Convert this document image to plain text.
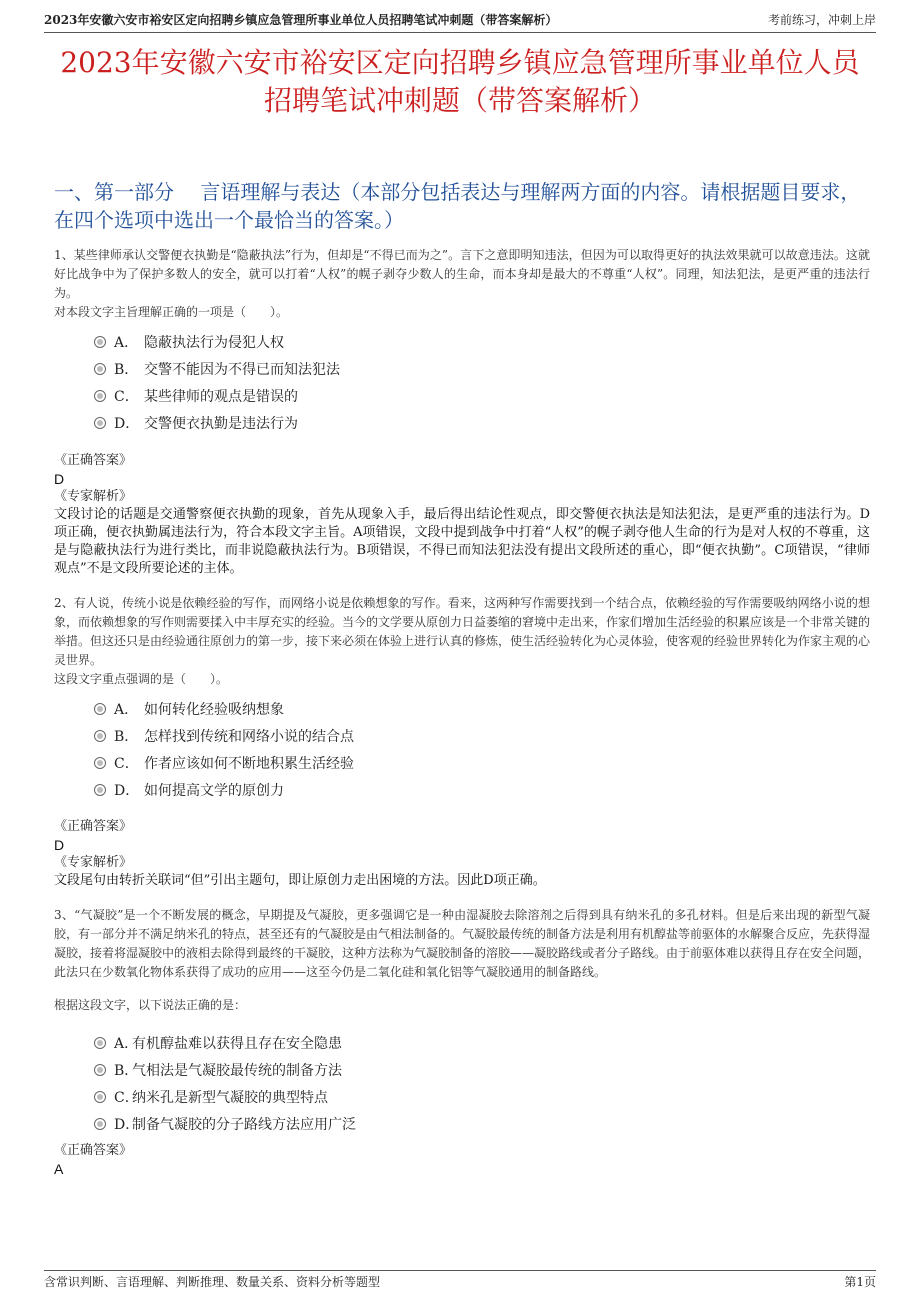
2023年安徽六安市裕安区定向招聘乡镇应急管理所事业单位人员招聘笔试冲刺题（带答案解析）	考前练习，冲刺上岸
2023年安徽六安市裕安区定向招聘乡镇应急管理所事业单位人员招聘笔试冲刺题（带答案解析）
一、第一部分　 言语理解与表达（本部分包括表达与理解两方面的内容。请根据题目要求，在四个选项中选出一个最恰当的答案。）

1、某些律师承认交警便衣执勤是“隐蔽执法”行为，但却是“不得已而为之”。言下之意即明知违法，但因为可以取得更好的执法效果就可以故意违法。这就好比战争中为了保护多数人的安全，就可以打着“人权”的幌子剥夺少数人的生命，而本身却是最大的不尊重“人权”。同理，知法犯法，是更严重的违法行为。

对本段文字主旨理解正确的一项是（　　）。

A． 隐蔽执法行为侵犯人权
B． 交警不能因为不得已而知法犯法
C． 某些律师的观点是错误的
D． 交警便衣执勤是违法行为

《正确答案》

D

《专家解析》

文段讨论的话题是交通警察便衣执勤的现象，首先从现象入手，最后得出结论性观点，即交警便衣执法是知法犯法，是更严重的违法行为。D项正确，便衣执勤属违法行为，符合本段文字主旨。A项错误，文段中提到战争中打着“人权”的幌子剥夺他人生命的行为是对人权的不尊重，这是与隐蔽执法行为进行类比，而非说隐蔽执法行为。B项错误，不得已而知法犯法没有提出文段所述的重心，即“便衣执勤”。C项错误，“律师观点”不是文段所要论述的主体。

2、有人说，传统小说是依赖经验的写作，而网络小说是依赖想象的写作。看来，这两种写作需要找到一个结合点，依赖经验的写作需要吸纳网络小说的想象，而依赖想象的写作则需要揉入中丰厚充实的经验。当今的文学要从原创力日益萎缩的窘境中走出来，作家们增加生活经验的积累应该是一个非常关键的举措。但这还只是由经验通往原创力的第一步，接下来必须在体验上进行认真的修炼，使生活经验转化为心灵体验，使客观的经验世界转化为作家主观的心灵世界。

这段文字重点强调的是（　　）。

A． 如何转化经验吸纳想象
B． 怎样找到传统和网络小说的结合点
C． 作者应该如何不断地积累生活经验
D． 如何提高文学的原创力

《正确答案》

D

《专家解析》

文段尾句由转折关联词“但”引出主题句，即让原创力走出困境的方法。因此D项正确。

3、“气凝胶”是一个不断发展的概念，早期提及气凝胶，更多强调它是一种由湿凝胶去除溶剂之后得到具有纳米孔的多孔材料。但是后来出现的新型气凝胶，有一部分并不满足纳米孔的特点，甚至还有的气凝胶是由气相法制备的。气凝胶最传统的制备方法是利用有机醇盐等前驱体的水解聚合反应，先获得湿凝胶，接着将湿凝胶中的液相去除得到最终的干凝胶，这种方法称为气凝胶制备的溶胶——凝胶路线或者分子路线。由于前驱体难以获得且存在安全问题，此法只在少数氧化物体系获得了成功的应用——这至今仍是二氧化硅和氧化铝等气凝胶通用的制备路线。

根据这段文字，以下说法正确的是：

A．
有机醇盐难以获得且存在安全隐患
B．
气相法是气凝胶最传统的制备方法
C．
纳米孔是新型气凝胶的典型特点
D．
制备气凝胶的分子路线方法应用广泛

《正确答案》

A

含常识判断、言语理解、判断推理、数量关系、资料分析等题型	第1页
